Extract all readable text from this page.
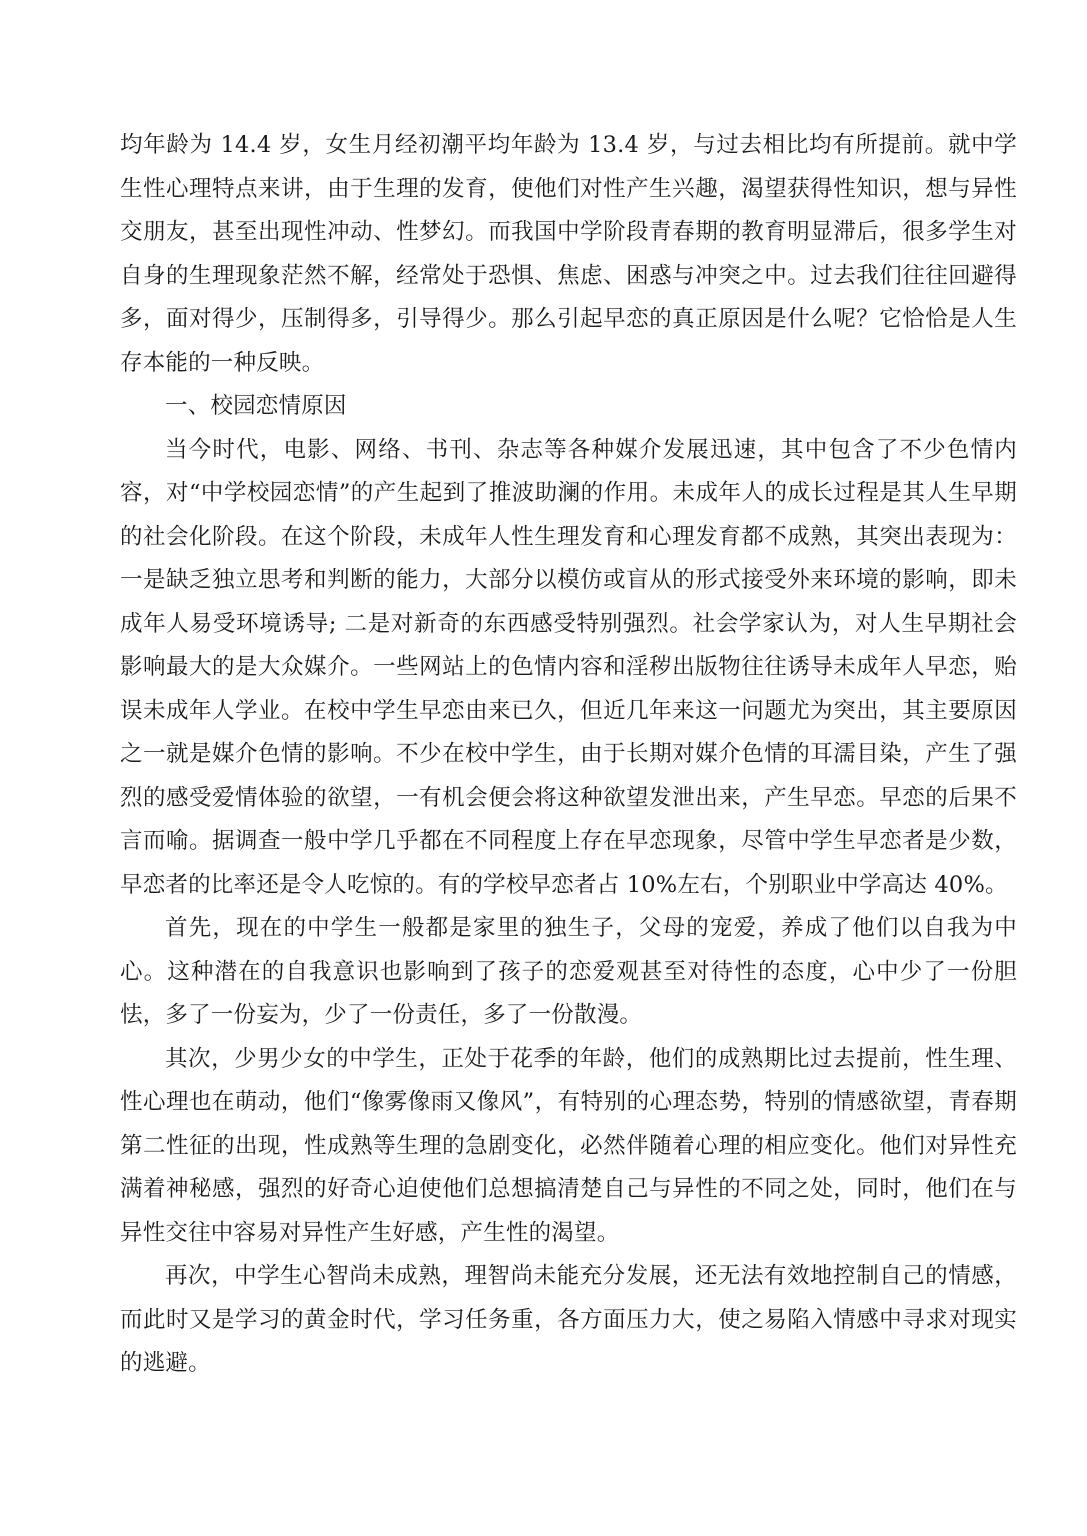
均年龄为 14.4 岁，女生月经初潮平均年龄为 13.4 岁，与过去相比均有所提前。就中学生性心理特点来讲，由于生理的发育，使他们对性产生兴趣，渴望获得性知识，想与异性交朋友，甚至出现性冲动、性梦幻。而我国中学阶段青春期的教育明显滞后，很多学生对自身的生理现象茫然不解，经常处于恐惧、焦虑、困惑与冲突之中。过去我们往往回避得多，面对得少，压制得多，引导得少。那么引起早恋的真正原因是什么呢？它恰恰是人生存本能的一种反映。

一、校园恋情原因

当今时代，电影、网络、书刊、杂志等各种媒介发展迅速，其中包含了不少色情内容，对“中学校园恋情”的产生起到了推波助澜的作用。未成年人的成长过程是其人生早期的社会化阶段。在这个阶段，未成年人性生理发育和心理发育都不成熟，其突出表现为：一是缺乏独立思考和判断的能力，大部分以模仿或盲从的形式接受外来环境的影响，即未成年人易受环境诱导; 二是对新奇的东西感受特别强烈。社会学家认为，对人生早期社会影响最大的是大众媒介。一些网站上的色情内容和淫秽出版物往往诱导未成年人早恋，贻误未成年人学业。在校中学生早恋由来已久，但近几年来这一问题尤为突出，其主要原因之一就是媒介色情的影响。不少在校中学生，由于长期对媒介色情的耳濡目染，产生了强烈的感受爱情体验的欲望，一有机会便会将这种欲望发泄出来，产生早恋。早恋的后果不言而喻。据调查一般中学几乎都在不同程度上存在早恋现象，尽管中学生早恋者是少数，早恋者的比率还是令人吃惊的。有的学校早恋者占 10%左右，个别职业中学高达 40%。

首先，现在的中学生一般都是家里的独生子，父母的宠爱，养成了他们以自我为中心。这种潜在的自我意识也影响到了孩子的恋爱观甚至对待性的态度，心中少了一份胆怯，多了一份妄为，少了一份责任，多了一份散漫。

其次，少男少女的中学生，正处于花季的年龄，他们的成熟期比过去提前，性生理、性心理也在萌动，他们“像雾像雨又像风”，有特别的心理态势，特别的情感欲望，青春期第二性征的出现，性成熟等生理的急剧变化，必然伴随着心理的相应变化。他们对异性充满着神秘感，强烈的好奇心迫使他们总想搞清楚自己与异性的不同之处，同时，他们在与异性交往中容易对异性产生好感，产生性的渴望。

再次，中学生心智尚未成熟，理智尚未能充分发展，还无法有效地控制自己的情感，而此时又是学习的黄金时代，学习任务重，各方面压力大，使之易陷入情感中寻求对现实的逃避。
